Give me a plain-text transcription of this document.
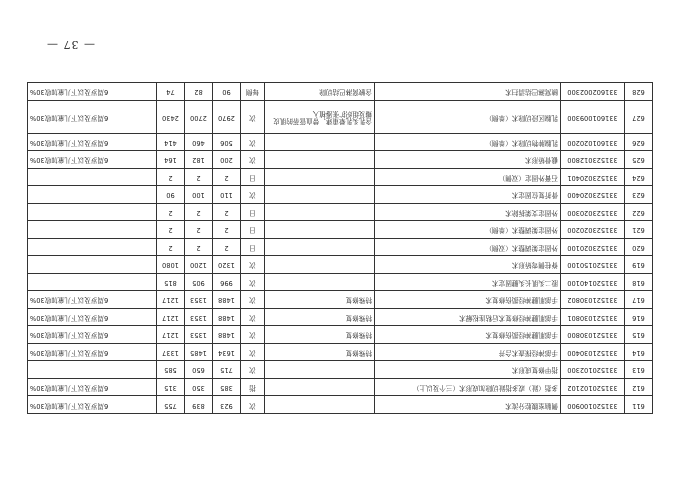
— 37 —
611	331520100900	侧脑室腹腔分流术		次	923	839	755	6周岁及以下儿童加收30%
612	331520102102	多指（趾）或多指趾切除加成形术（三个及以上）		指	385	350	315	6周岁及以下儿童加收30%
613	331520102300	指甲修复成形术		次	715	650	585	
614	331521030400	手部神经探查术合并	特殊修复	次	1634	1485	1337	6周岁及以下儿童加收30%
615	331521030800	手部肌腱神经损伤修复术	特殊修复	次	1488	1353	1217	6周岁及以下儿童加收30%
616	331521030801	手部肌腱神经修复术后粘连松解术	特殊修复	次	1488	1353	1217	6周岁及以下儿童加收30%
617	331521030802	手部肌腱神经损伤修复术	特殊修复	次	1488	1353	1217	6周岁及以下儿童加收30%
618	331520140100	股二头肌长头腱固定术		次	996	905	815	
619	331520150100	脊柱侧弯矫形术		次	1320	1200	1080	
620	331523020100	外固定架调整术（双侧）		日	2	2	2	
621	331523020200	外固定架调整术（单侧）		日	2	2	2	
622	331523020300	外固定支架拆除术		日	2	2	2	
623	331523020400	骨折复位固定术		次	110	100	90	
624	331523020401	石膏外固定（双侧）		日	2	2	2	
625	331523012800	截骨矫形术		次	200	182	164	6周岁及以下儿童加收30%
626	331601020200	乳腺肿物切除术（单侧）		次	506	460	414	6周岁及以下儿童加收30%
627	331601009300	乳腺区段切除术（单侧）	含乳头乳晕重建、带血管蒂的肌皮瓣及组织扩张器植入	次	2970	2700	2430	6周岁及以下儿童加收30%
628	331602002300	腋窝淋巴结清扫术	含腋窝淋巴结切除	每侧	90	82	74	6周岁及以下儿童加收30%
